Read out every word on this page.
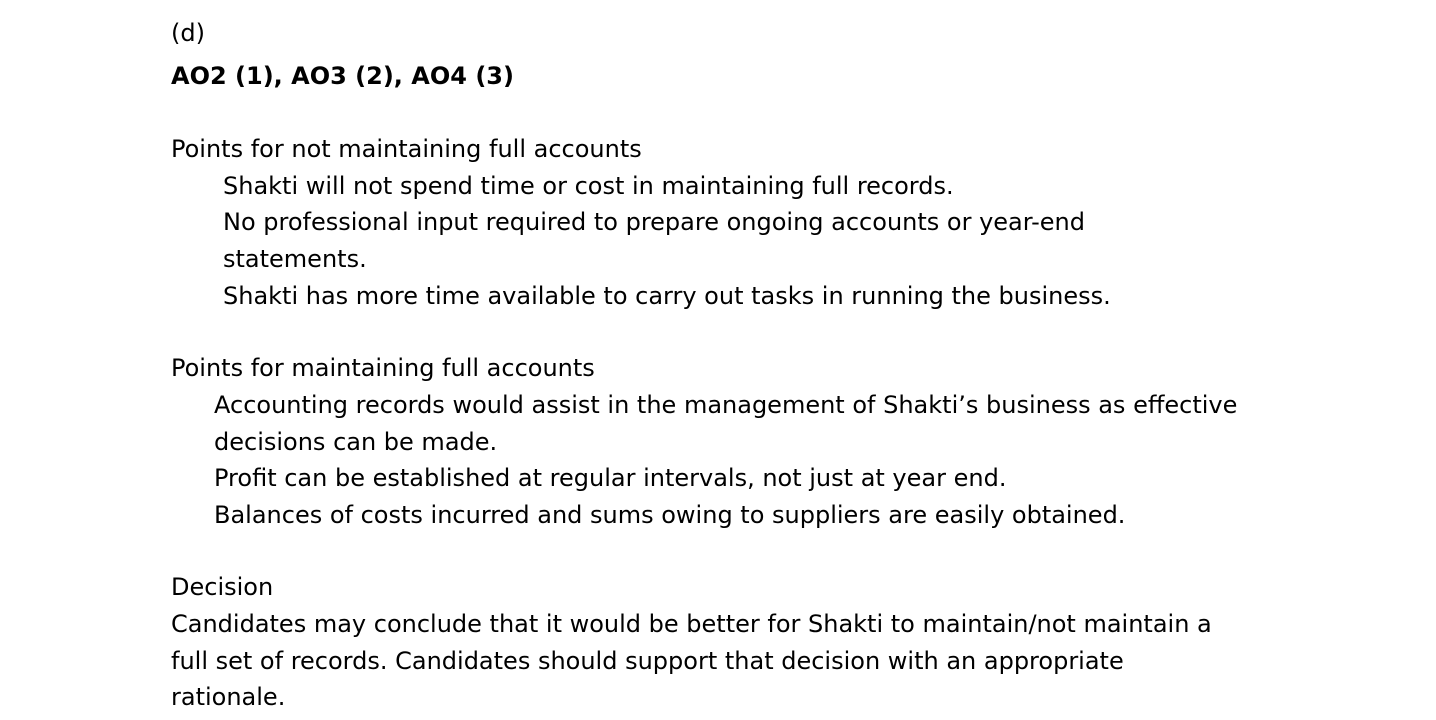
(d)
AO2 (1), AO3 (2), AO4 (3)
Points for not maintaining full accounts
Shakti will not spend time or cost in maintaining full records.
No professional input required to prepare ongoing accounts or year-end
statements.
Shakti has more time available to carry out tasks in running the business.
Points for maintaining full accounts
Accounting records would assist in the management of Shakti’s business as effective
decisions can be made.
Profit can be established at regular intervals, not just at year end.
Balances of costs incurred and sums owing to suppliers are easily obtained.
Decision
Candidates may conclude that it would be better for Shakti to maintain/not maintain a
full set of records. Candidates should support that decision with an appropriate
rationale.
